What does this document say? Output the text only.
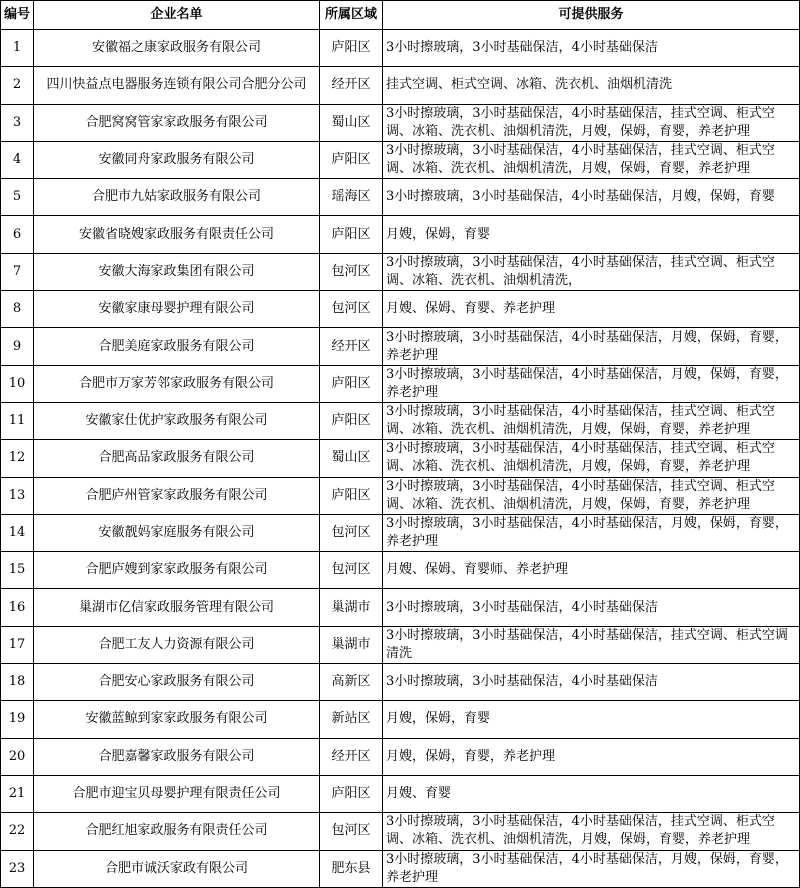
编号	企业名单	所属区域	可提供服务
1	安徽福之康家政服务有限公司	庐阳区	3小时擦玻璃，3小时基础保洁，4小时基础保洁
2	四川快益点电器服务连锁有限公司合肥分公司	经开区	挂式空调、柜式空调、冰箱、洗衣机、油烟机清洗
3	合肥窝窝管家家政服务有限公司	蜀山区	3小时擦玻璃，3小时基础保洁，4小时基础保洁，挂式空调、柜式空调、冰箱、洗衣机、油烟机清洗，月嫂，保姆，育婴，养老护理
4	安徽同舟家政服务有限公司	庐阳区	3小时擦玻璃，3小时基础保洁，4小时基础保洁，挂式空调、柜式空调、冰箱、洗衣机、油烟机清洗，月嫂，保姆，育婴，养老护理
5	合肥市九姑家政服务有限公司	瑶海区	3小时擦玻璃，3小时基础保洁，4小时基础保洁，月嫂，保姆，育婴
6	安徽省晓嫂家政服务有限责任公司	庐阳区	月嫂，保姆，育婴
7	安徽大海家政集团有限公司	包河区	3小时擦玻璃，3小时基础保洁，4小时基础保洁，挂式空调、柜式空调、冰箱、洗衣机、油烟机清洗，
8	安徽家康母婴护理有限公司	包河区	月嫂、保姆、育婴、养老护理
9	合肥美庭家政服务有限公司	经开区	3小时擦玻璃，3小时基础保洁，4小时基础保洁，月嫂，保姆，育婴，养老护理
10	合肥市万家芳邻家政服务有限公司	庐阳区	3小时擦玻璃，3小时基础保洁，4小时基础保洁，月嫂，保姆，育婴，养老护理
11	安徽家仕优护家政服务有限公司	庐阳区	3小时擦玻璃，3小时基础保洁，4小时基础保洁，挂式空调、柜式空调、冰箱、洗衣机、油烟机清洗，月嫂，保姆，育婴，养老护理
12	合肥高品家政服务有限公司	蜀山区	3小时擦玻璃，3小时基础保洁，4小时基础保洁，挂式空调、柜式空调、冰箱、洗衣机、油烟机清洗，月嫂，保姆，育婴，养老护理
13	合肥庐州管家家政服务有限公司	庐阳区	3小时擦玻璃，3小时基础保洁，4小时基础保洁，挂式空调、柜式空调、冰箱、洗衣机、油烟机清洗，月嫂，保姆，育婴，养老护理
14	安徽靓妈家庭服务有限公司	包河区	3小时擦玻璃，3小时基础保洁，4小时基础保洁，月嫂，保姆，育婴，养老护理
15	合肥庐嫂到家家政服务有限公司	包河区	月嫂、保姆、育婴师、养老护理
16	巢湖市亿信家政服务管理有限公司	巢湖市	3小时擦玻璃，3小时基础保洁，4小时基础保洁
17	合肥工友人力资源有限公司	巢湖市	3小时擦玻璃，3小时基础保洁，4小时基础保洁，挂式空调、柜式空调清洗
18	合肥安心家政服务有限公司	高新区	3小时擦玻璃，3小时基础保洁，4小时基础保洁
19	安徽蓝鲸到家家政服务有限公司	新站区	月嫂，保姆，育婴
20	合肥嘉馨家政服务有限公司	经开区	月嫂，保姆，育婴，养老护理
21	合肥市迎宝贝母婴护理有限责任公司	庐阳区	月嫂、育婴
22	合肥红旭家政服务有限责任公司	包河区	3小时擦玻璃，3小时基础保洁，4小时基础保洁，挂式空调、柜式空调、冰箱、洗衣机、油烟机清洗，月嫂，保姆，育婴，养老护理
23	合肥市诚沃家政有限公司	肥东县	3小时擦玻璃，3小时基础保洁，4小时基础保洁，月嫂，保姆，育婴，养老护理
